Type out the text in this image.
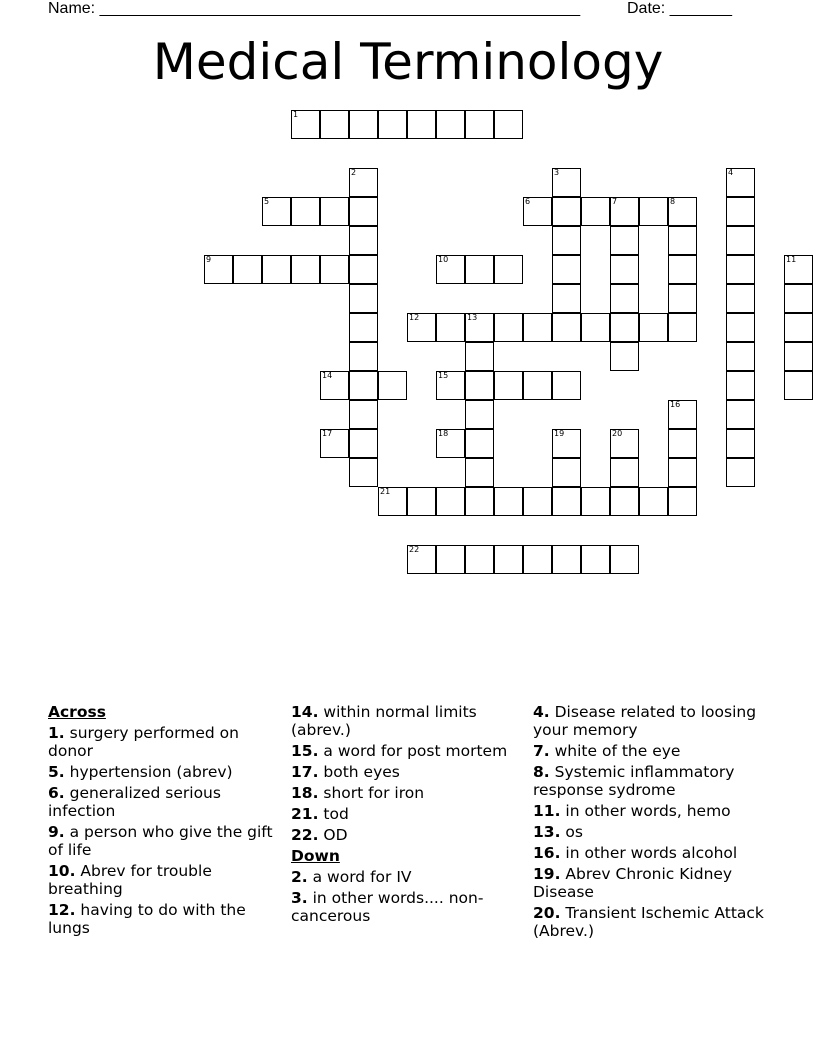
Name: ______________________________________________________	Date: _______
Medical Terminology
1
2	3	4
5	6	7	8
9	10	11
12	13
14	15
16
17	18	19	20
21
22
Across
1. surgery performed on donor
5. hypertension (abrev)
6. generalized serious infection
9. a person who give the gift of life
10. Abrev for trouble breathing
12. having to do with the lungs
14. within normal limits (abrev.)
15. a word for post mortem
17. both eyes
18. short for iron
21. tod
22. OD
Down
2. a word for IV
3. in other words.... non-cancerous
4. Disease related to loosing your memory
7. white of the eye
8. Systemic inflammatory response sydrome
11. in other words, hemo
13. os
16. in other words alcohol
19. Abrev Chronic Kidney Disease
20. Transient Ischemic Attack (Abrev.)
